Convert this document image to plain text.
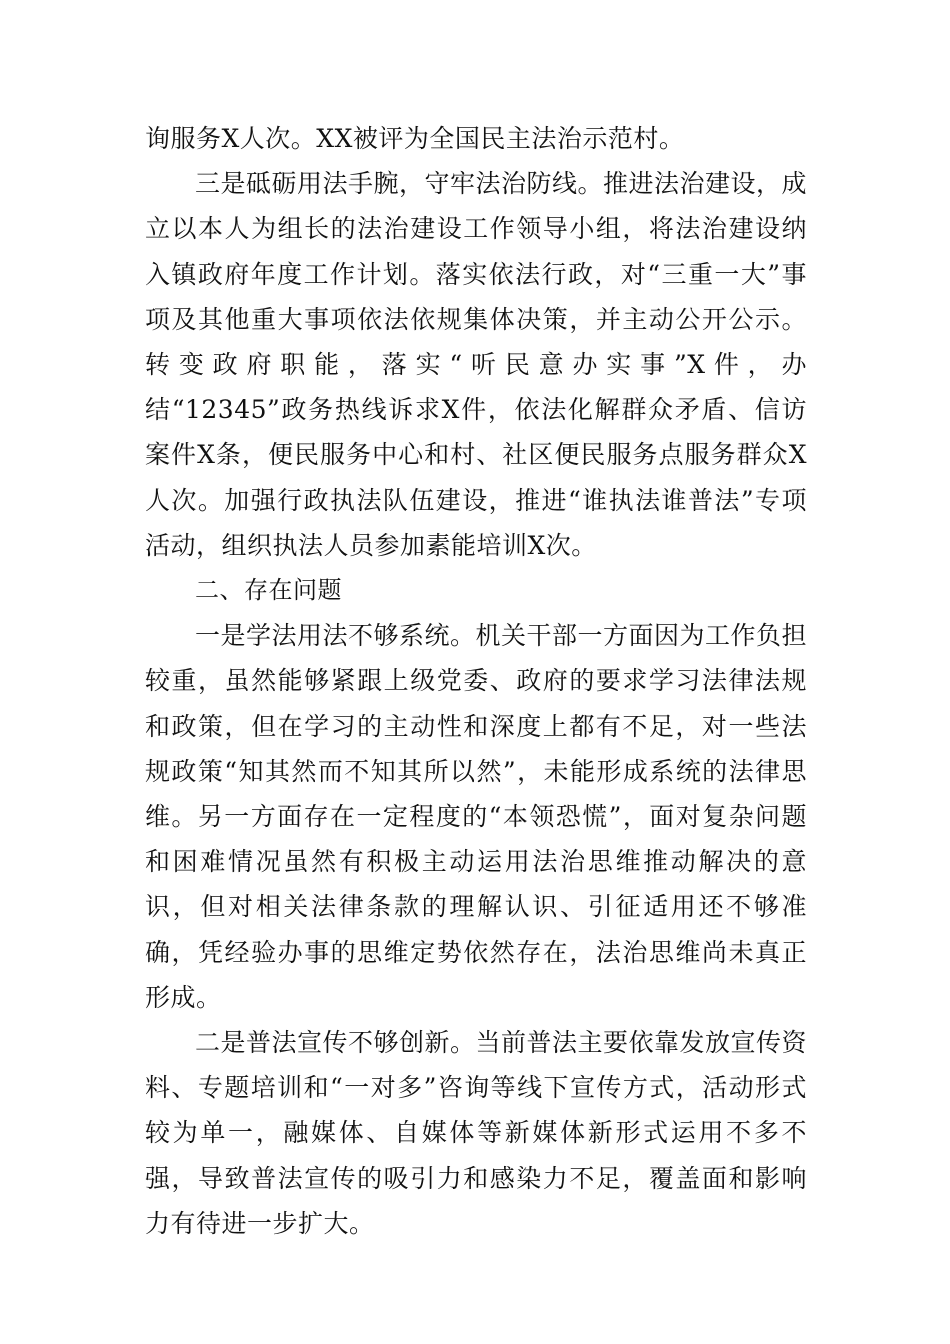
询服务X人次。XX被评为全国民主法治示范村。

三是砥砺用法手腕，守牢法治防线。推进法治建设，成立以本人为组长的法治建设工作领导小组，将法治建设纳入镇政府年度工作计划。落实依法行政，对“三重一大”事项及其他重大事项依法依规集体决策，并主动公开公示。转变政府职能，落实“听民意办实事”X件，办结“12345”政务热线诉求X件，依法化解群众矛盾、信访案件X条，便民服务中心和村、社区便民服务点服务群众X人次。加强行政执法队伍建设，推进“谁执法谁普法”专项活动，组织执法人员参加素能培训X次。

二、存在问题

一是学法用法不够系统。机关干部一方面因为工作负担较重，虽然能够紧跟上级党委、政府的要求学习法律法规和政策，但在学习的主动性和深度上都有不足，对一些法规政策“知其然而不知其所以然”，未能形成系统的法律思维。另一方面存在一定程度的“本领恐慌”，面对复杂问题和困难情况虽然有积极主动运用法治思维推动解决的意识，但对相关法律条款的理解认识、引征适用还不够准确，凭经验办事的思维定势依然存在，法治思维尚未真正形成。

二是普法宣传不够创新。当前普法主要依靠发放宣传资料、专题培训和“一对多”咨询等线下宣传方式，活动形式较为单一，融媒体、自媒体等新媒体新形式运用不多不强，导致普法宣传的吸引力和感染力不足，覆盖面和影响力有待进一步扩大。
